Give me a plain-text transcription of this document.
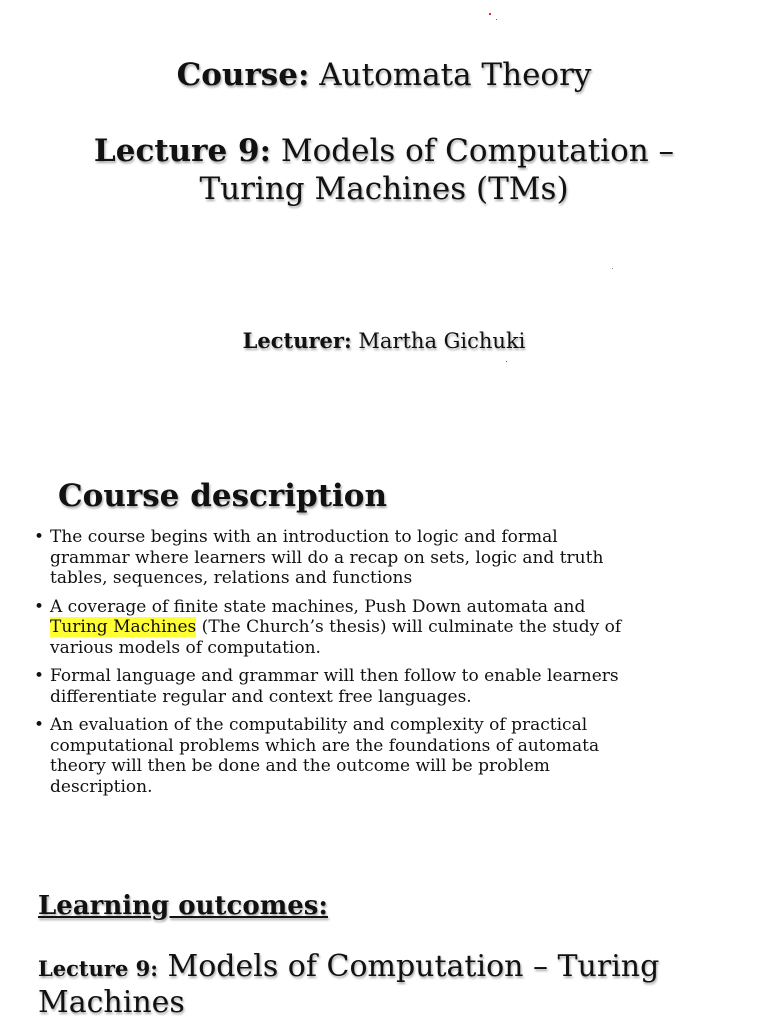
Course: Automata Theory
Lecture 9: Models of Computation –
Turing Machines (TMs)
Lecturer: Martha Gichuki
Course description
• The course begins with an introduction to logic and formal grammar where learners will do a recap on sets, logic and truth tables, sequences, relations and functions
• A coverage of finite state machines, Push Down automata and Turing Machines (The Church’s thesis) will culminate the study of various models of computation.
• Formal language and grammar will then follow to enable learners differentiate regular and context free languages.
• An evaluation of the computability and complexity of practical computational problems which are the foundations of automata theory will then be done and the outcome will be problem description.
Learning outcomes:
Lecture 9: Models of Computation – Turing Machines
